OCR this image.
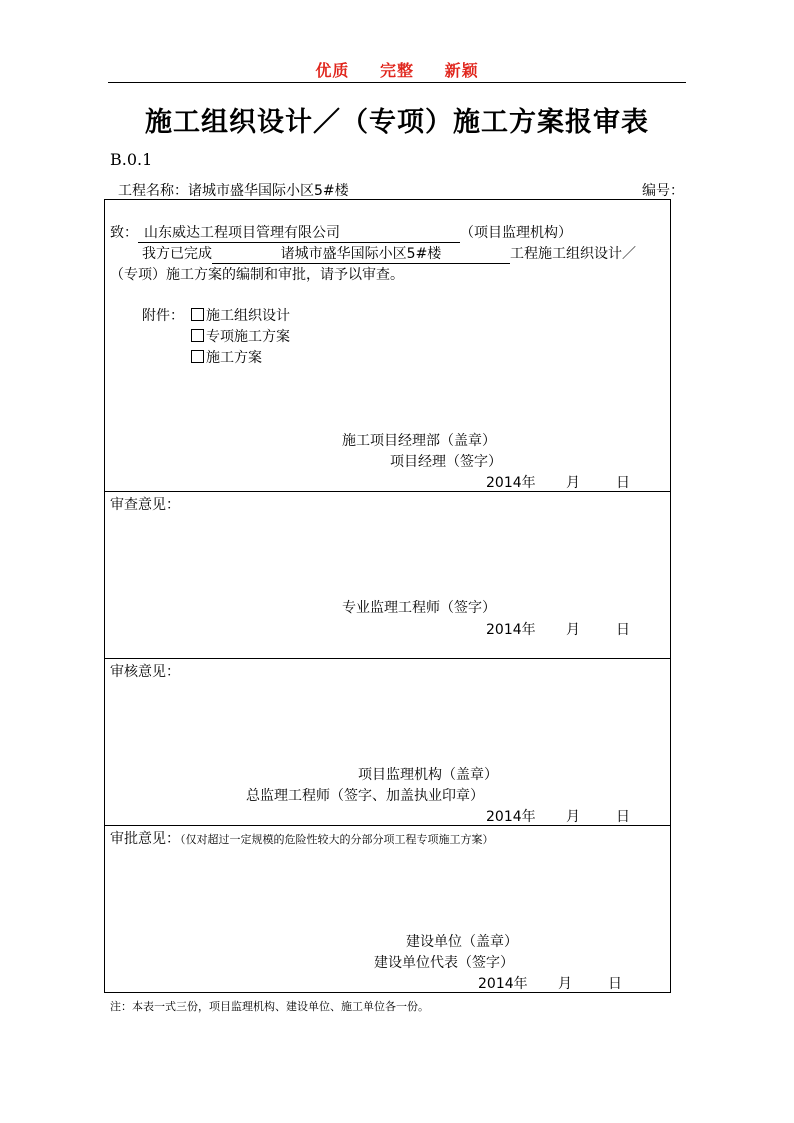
优质 完整 新颖
施工组织设计／（专项）施工方案报审表
B.0.1
工程名称：诸城市盛华国际小区5#楼	编号：
致： 山东威达工程项目管理有限公司	（项目监理机构）
我方已完成	诸城市盛华国际小区5#楼	工程施工组织设计／
（专项）施工方案的编制和审批，请予以审查。
附件：	施工组织设计
专项施工方案
施工方案
施工项目经理部（盖章）
项目经理（签字）
2014年 月	日
审查意见：
专业监理工程师（签字）
2014年 月	日
审核意见：
项目监理机构（盖章）
总监理工程师（签字、加盖执业印章）
2014年 月	日
审批意见：（仅对超过一定规模的危险性较大的分部分项工程专项施工方案）
建设单位（盖章）
建设单位代表（签字）
2014年 月	日
注：本表一式三份，项目监理机构、建设单位、施工单位各一份。
